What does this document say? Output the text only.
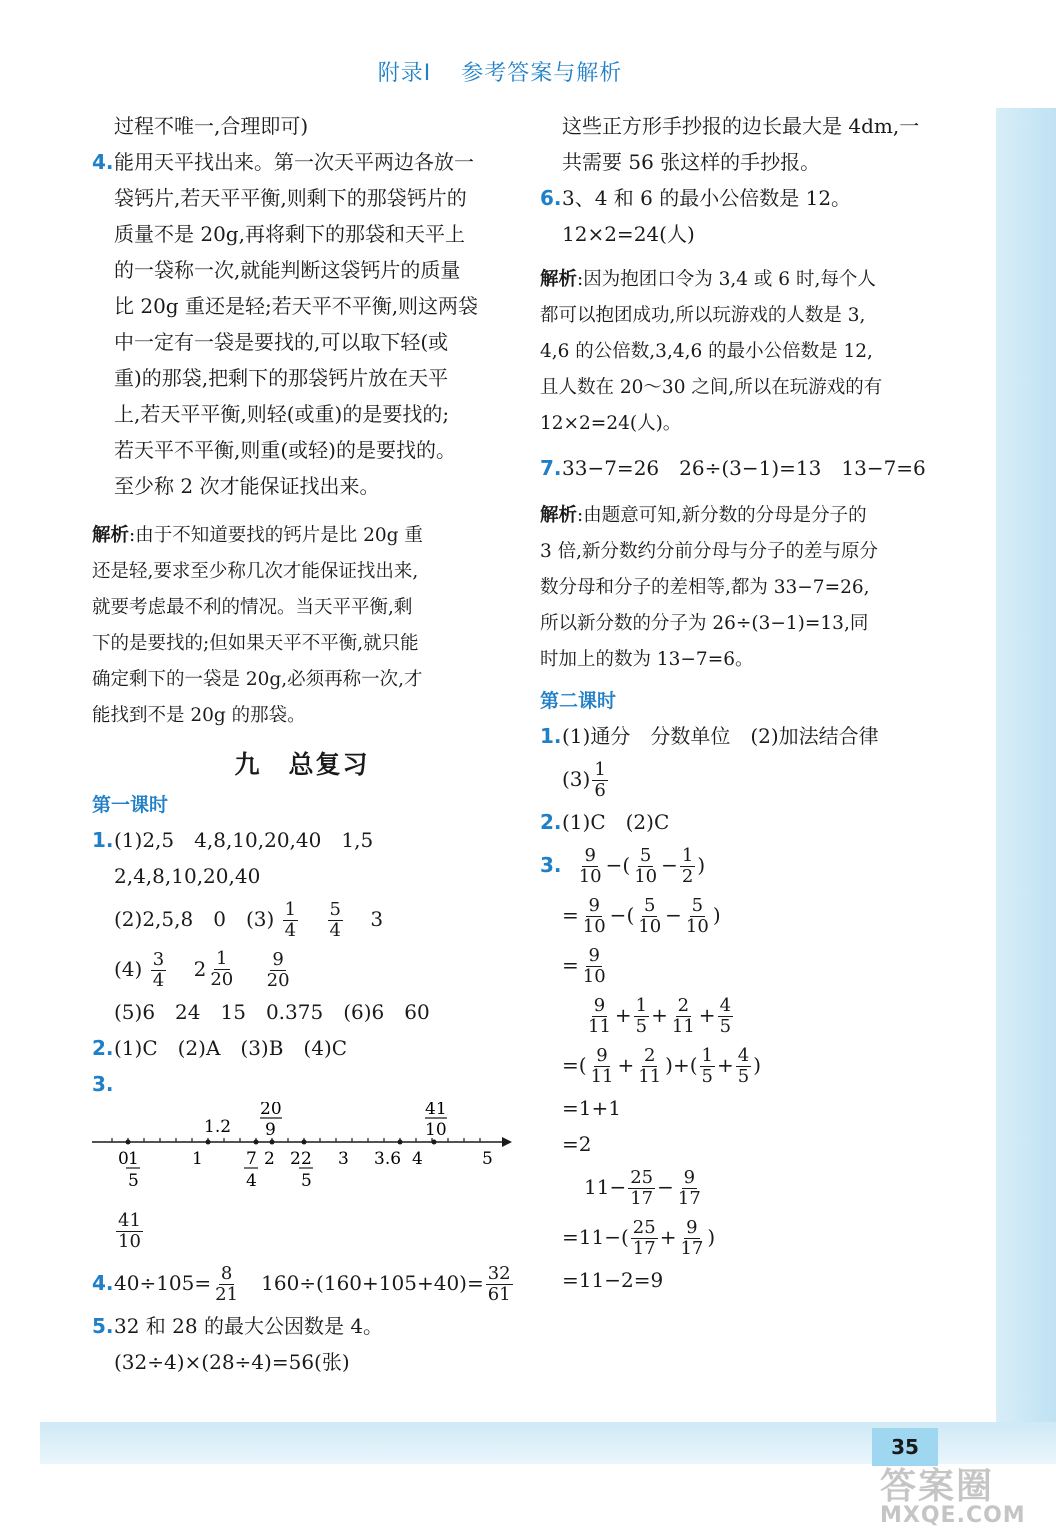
附录Ⅰ 参考答案与解析
过程不唯一,合理即可)
4.能用天平找出来。第一次天平两边各放一
袋钙片,若天平平衡,则剩下的那袋钙片的
质量不是 20g,再将剩下的那袋和天平上
的一袋称一次,就能判断这袋钙片的质量
比 20g 重还是轻;若天平不平衡,则这两袋
中一定有一袋是要找的,可以取下轻(或
重)的那袋,把剩下的那袋钙片放在天平
上,若天平平衡,则轻(或重)的是要找的;
若天平不平衡,则重(或轻)的是要找的。
至少称 2 次才能保证找出来。
解析:由于不知道要找的钙片是比 20g 重
还是轻,要求至少称几次才能保证找出来,
就要考虑最不利的情况。当天平平衡,剩
下的是要找的;但如果天平不平衡,就只能
确定剩下的一袋是 20g,必须再称一次,才
能找到不是 20g 的那袋。
九　总复习
第一课时
1.(1)2,5　4,8,10,20,40　1,5
2,4,8,10,20,40
(2)2,5,8　0　$(3) \frac{1}{4}$
$\frac{5}{4} 3$
$(4) \frac{3}{4}$
$2 \frac{1}{20}$
$\frac{9}{20}$
(5)6　24　15　0.375　(6)6　60
2.(1)C　(2)A　(3)B　(4)C
3.
1.2
20
9
41
10
0 1
5
1	7
4
2 2 2
5
3 3.6 4	5
$\frac{41}{10}$
$4.40\div 105= \frac{8}{21} 160\div(160+105+40)= \frac{32}{61}$
5.32 和 28 的最大公因数是 4。
(32÷4)×(28÷4)=56(张)
这些正方形手抄报的边长最大是 4dm,一
共需要 56 张这样的手抄报。
6.3、4 和 6 的最小公倍数是 12。
12×2=24(人)
解析:因为抱团口令为 3,4 或 6 时,每个人
都可以抱团成功,所以玩游戏的人数是 3,
4,6 的公倍数,3,4,6 的最小公倍数是 12,
且人数在 20～30 之间,所以在玩游戏的有
12×2=24(人)。
7.33−7=26　26÷(3−1)=13　13−7=6
解析:由题意可知,新分数的分母是分子的
3 倍,新分数约分前分母与分子的差与原分
数分母和分子的差相等,都为 33−7=26,
所以新分数的分子为 26÷(3−1)=13,同
时加上的数为 13−7=6。
第二课时
1.(1)通分　分数单位　(2)加法结合律
$(3) \frac{1}{6}$
2.(1)C　(2)C
3. $\frac{9}{10}$ −( $\frac{5}{10} - \frac{1}{2}$ )
= $\frac{9}{10}$ −( $\frac{5}{10} - \frac{5}{10}$ )
= $\frac{9}{10}$
$\frac{9}{11} + \frac{1}{5} + \frac{2}{11} + \frac{4}{5}$
=( $\frac{9}{11} + \frac{2}{11}$ )+( $\frac{1}{5} + \frac{4}{5}$ )
=1+1
=2
$11- \frac{25}{17} - \frac{9}{17}$
$=11-( \frac{25}{17} + \frac{9}{17}$ )
=11−2=9
35
答案圈
MXQE.COM
